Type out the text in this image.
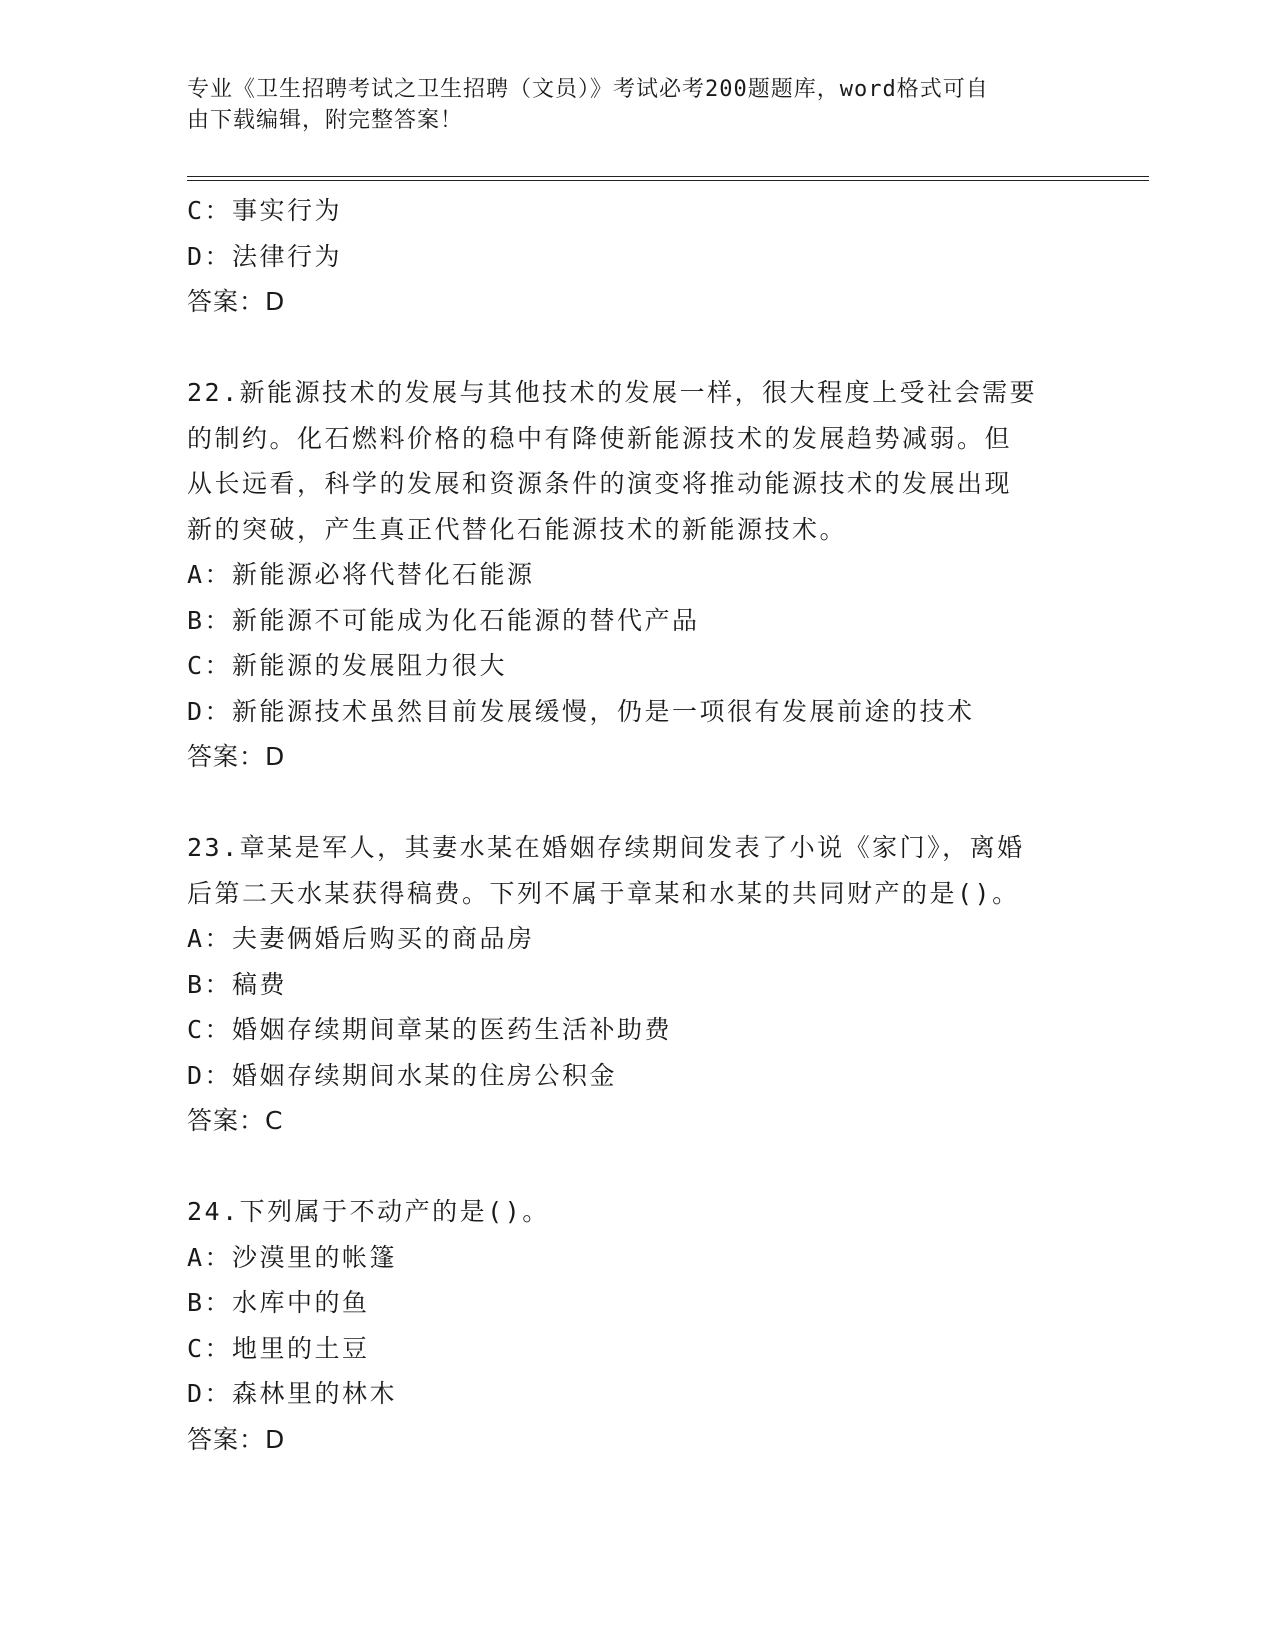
专业《卫生招聘考试之卫生招聘（文员）》考试必考200题题库，word格式可自
由下载编辑，附完整答案！
C：事实行为
D：法律行为
答案：D
22.新能源技术的发展与其他技术的发展一样，很大程度上受社会需要
的制约。化石燃料价格的稳中有降使新能源技术的发展趋势减弱。但
从长远看，科学的发展和资源条件的演变将推动能源技术的发展出现
新的突破，产生真正代替化石能源技术的新能源技术。
A：新能源必将代替化石能源
B：新能源不可能成为化石能源的替代产品
C：新能源的发展阻力很大
D：新能源技术虽然目前发展缓慢，仍是一项很有发展前途的技术
答案：D
23.章某是军人，其妻水某在婚姻存续期间发表了小说《家门》，离婚
后第二天水某获得稿费。下列不属于章某和水某的共同财产的是()。
A：夫妻俩婚后购买的商品房
B：稿费
C：婚姻存续期间章某的医药生活补助费
D：婚姻存续期间水某的住房公积金
答案：C
24.下列属于不动产的是()。
A：沙漠里的帐篷
B：水库中的鱼
C：地里的土豆
D：森林里的林木
答案：D
